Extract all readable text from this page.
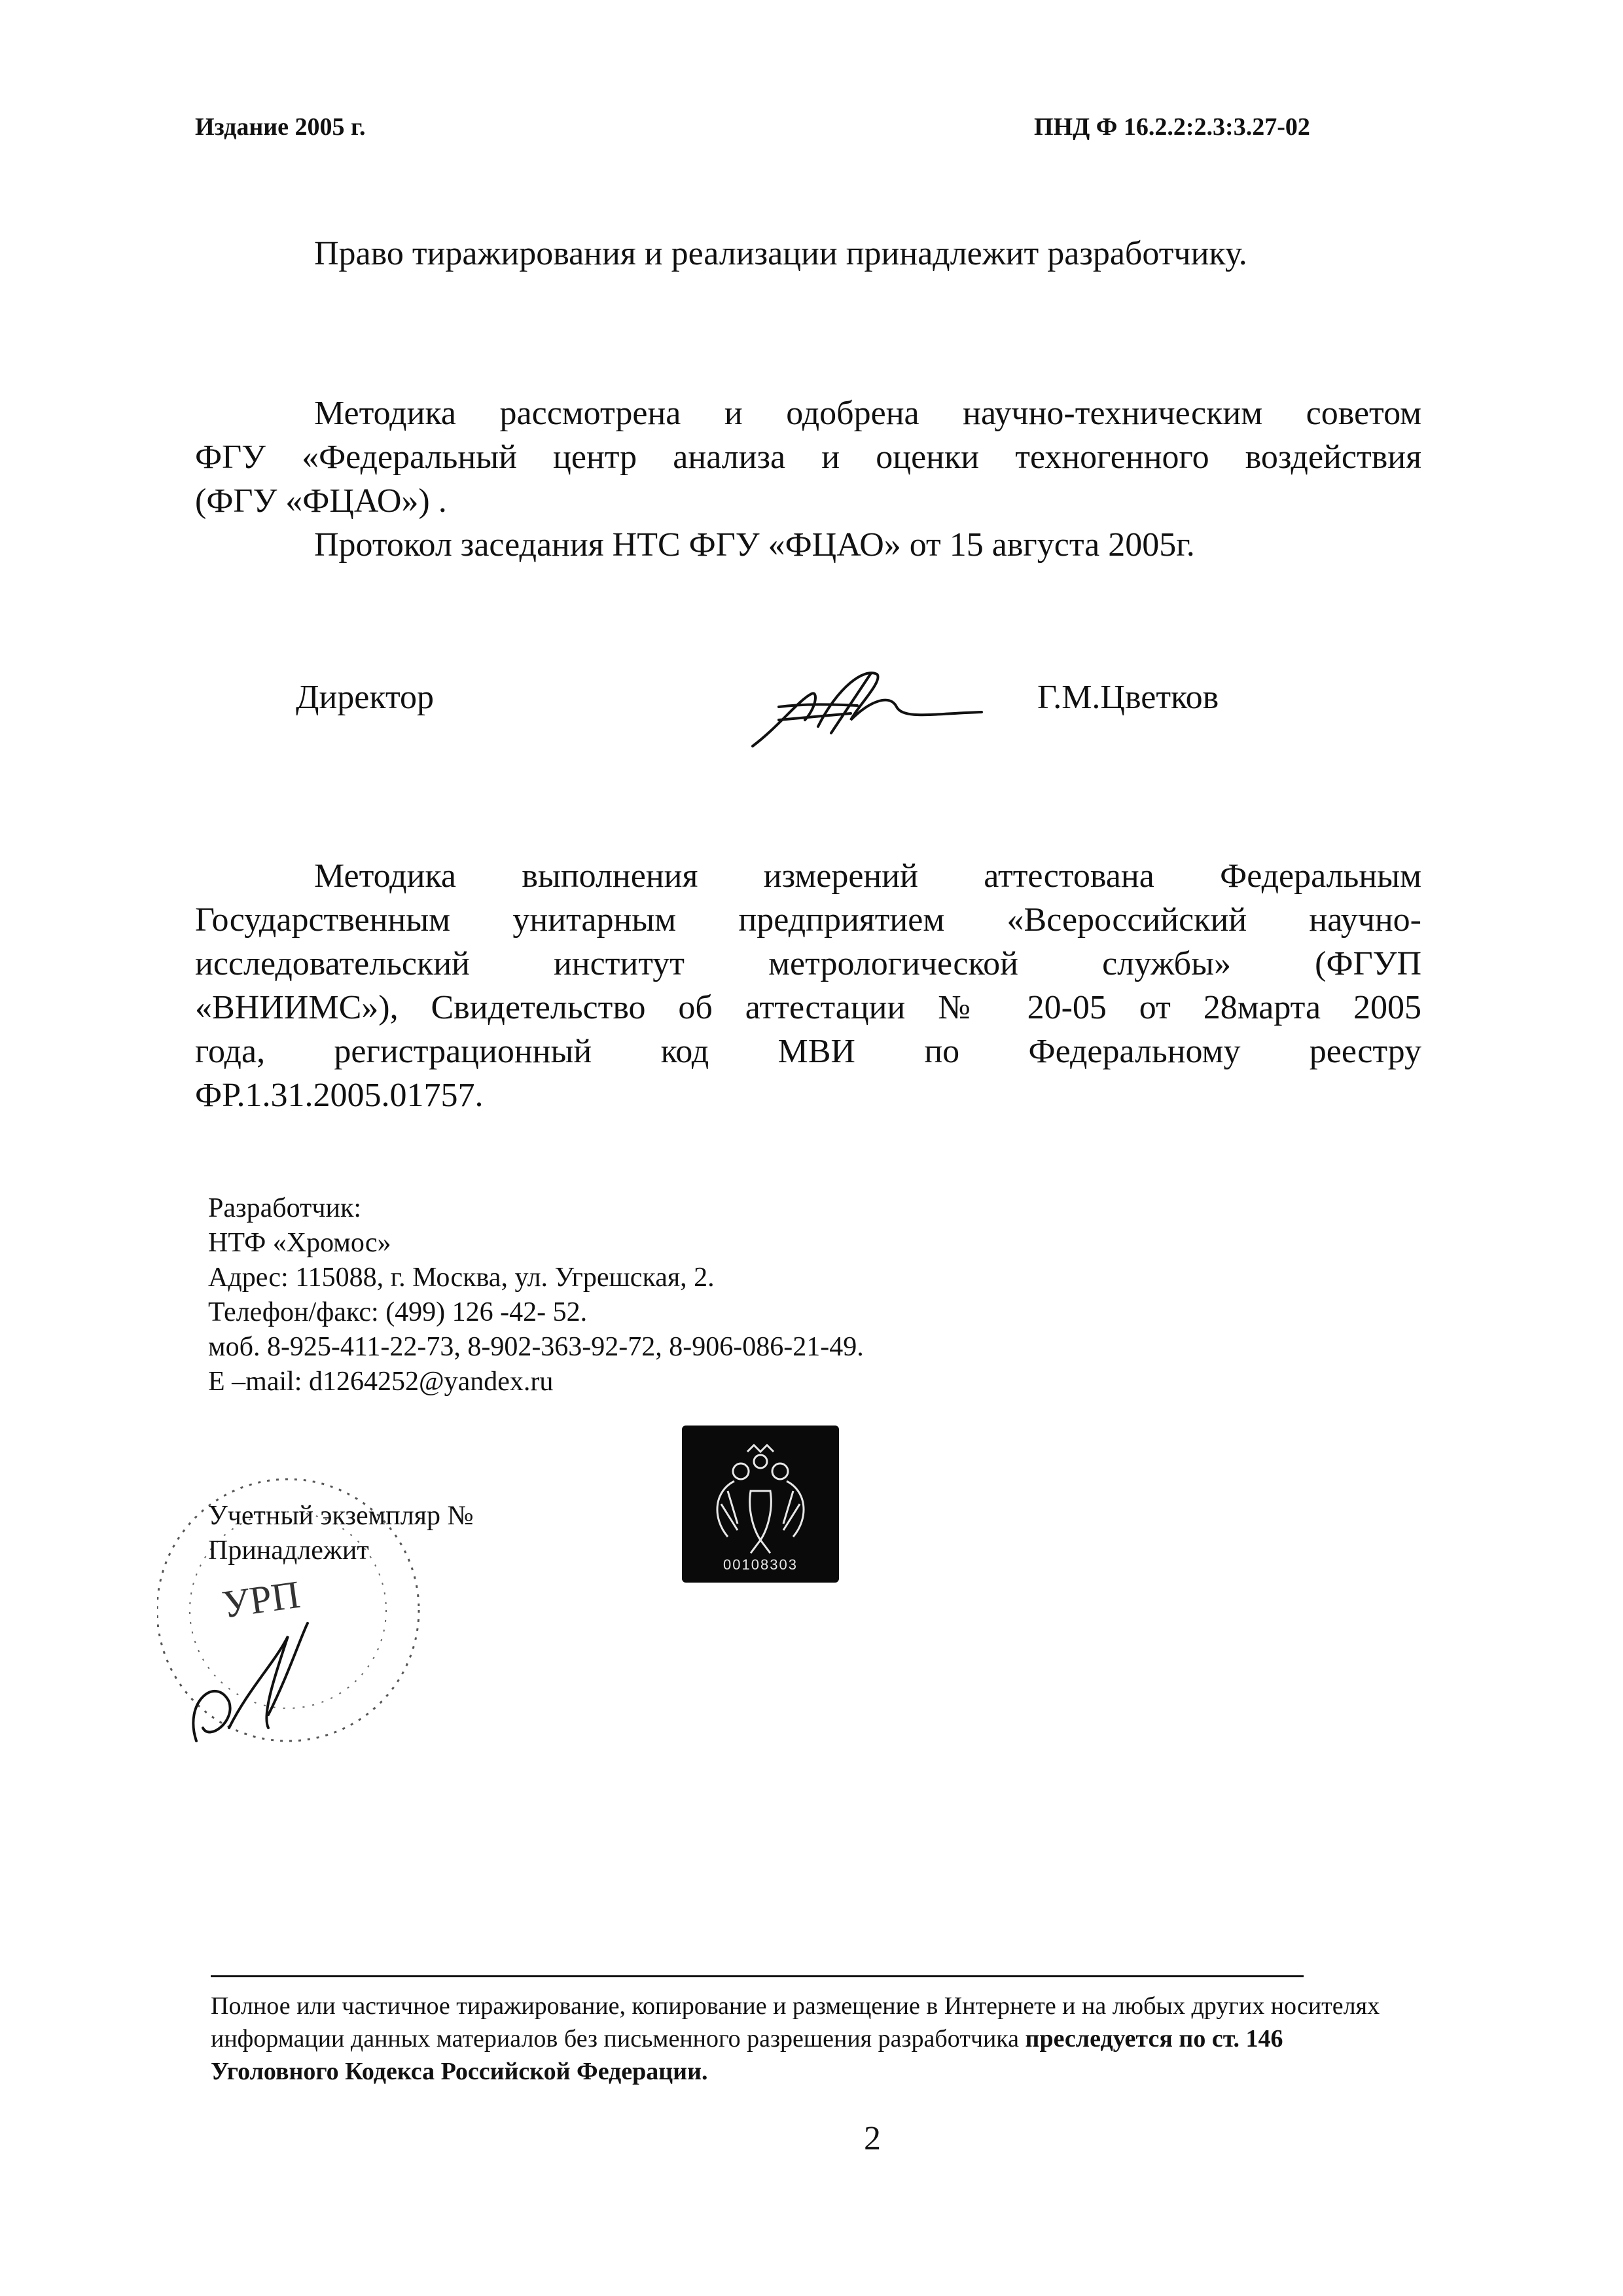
Издание 2005 г.	ПНД Ф 16.2.2:2.3:3.27-02
Право тиражирования и реализации принадлежит разработчику.
Методика рассмотрена и одобрена научно-техническим советом
ФГУ «Федеральный центр анализа и оценки техногенного воздействия
(ФГУ «ФЦАО») .
Протокол заседания НТС ФГУ «ФЦАО» от 15 августа 2005г.
Директор	Г.М.Цветков
Методика выполнения измерений аттестована Федеральным
Государственным унитарным предприятием «Всероссийский научно-
исследовательский институт метрологической службы» (ФГУП
«ВНИИМС»), Свидетельство об аттестации № 20-05 от 28марта 2005
года, регистрационный код МВИ по Федеральному реестру
ФР.1.31.2005.01757.
Разработчик:
НТФ «Хромос»
Адрес: 115088, г. Москва, ул. Угрешская, 2.
Телефон/факс: (499) 126 -42- 52.
моб. 8-925-411-22-73, 8-902-363-92-72, 8-906-086-21-49.
E –mail: d1264252@yandex.ru
УРП
Учетный экземпляр №
Принадлежит	00108303
Полное или частичное тиражирование, копирование и размещение в Интернете и на любых других носителях информации данных материалов без письменного разрешения разработчика преследуется по ст. 146 Уголовного Кодекса Российской Федерации.
2
